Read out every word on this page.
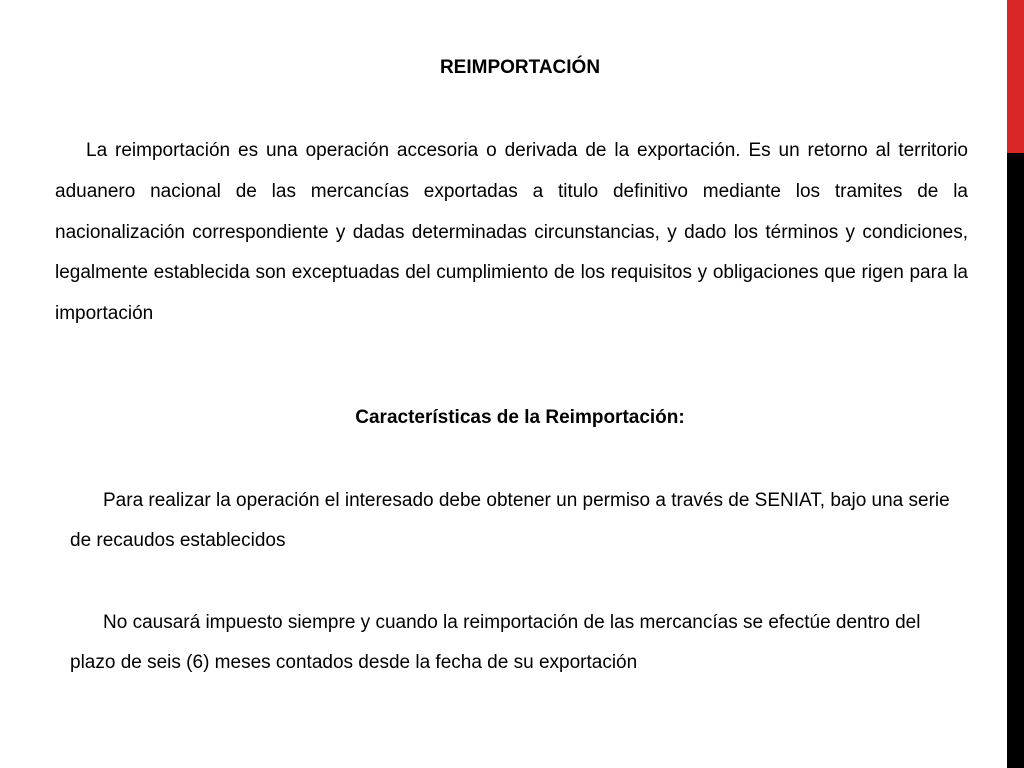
REIMPORTACIÓN

La reimportación es una operación accesoria o derivada de la exportación. Es un retorno al territorio aduanero nacional de las mercancías exportadas a titulo definitivo mediante los tramites de la nacionalización correspondiente y dadas determinadas circunstancias, y dado los términos y condiciones, legalmente establecida son exceptuadas del cumplimiento de los requisitos y obligaciones que rigen para la importación

Características de la Reimportación:

Para realizar la operación el interesado debe obtener un permiso a través de SENIAT, bajo una serie de recaudos establecidos

No causará impuesto siempre y cuando la reimportación de las mercancías se efectúe dentro del plazo de seis (6) meses contados desde la fecha de su exportación
